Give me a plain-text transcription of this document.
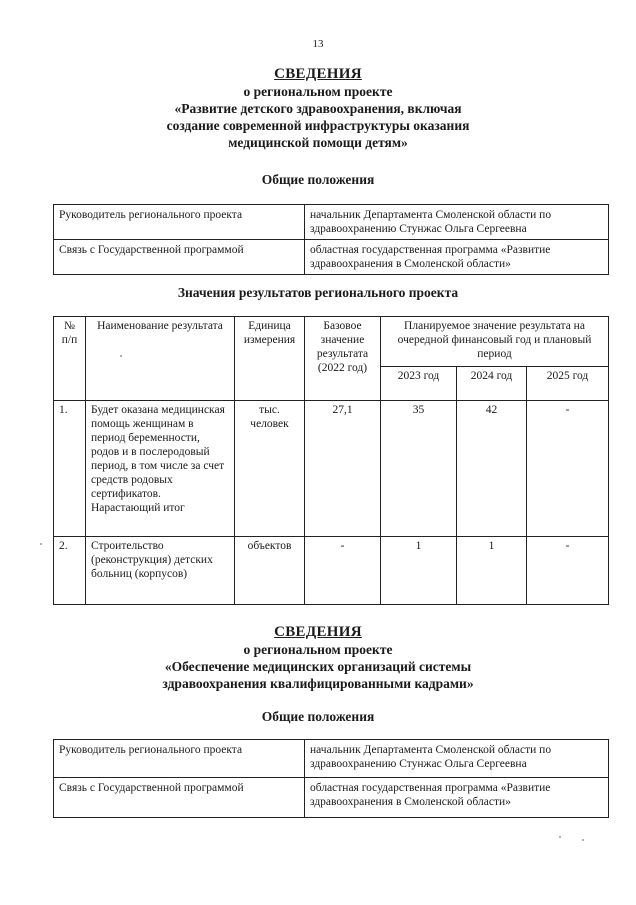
13
СВЕДЕНИЯ
о региональном проекте
«Развитие детского здравоохранения, включая
создание современной инфраструктуры оказания
медицинской помощи детям»
Общие положения
Руководитель регионального проекта	начальник Департамента Смоленской области по здравоохранению Стунжас Ольга Сергеевна
Связь с Государственной программой	областная государственная программа «Развитие здравоохранения в Смоленской области»
Значения результатов регионального проекта
№ п/п	Наименование результата	Единица измерения	Базовое значение результата (2022 год)	Планируемое значение результата на очередной финансовый год и плановый период		
				2023 год	2024 год	2025 год
1.	Будет оказана медицинская помощь женщинам в период беременности, родов и в послеродовый период, в том числе за счет средств родовых сертификатов. Нарастающий итог	тыс. человек	27,1	35	42	-
2.	Строительство (реконструкция) детских больниц (корпусов)	объектов	-	1	1	-
СВЕДЕНИЯ
о региональном проекте
«Обеспечение медицинских организаций системы
здравоохранения квалифицированными кадрами»
Общие положения
Руководитель регионального проекта	начальник Департамента Смоленской области по здравоохранению Стунжас Ольга Сергеевна
Связь с Государственной программой	областная государственная программа «Развитие здравоохранения в Смоленской области»
